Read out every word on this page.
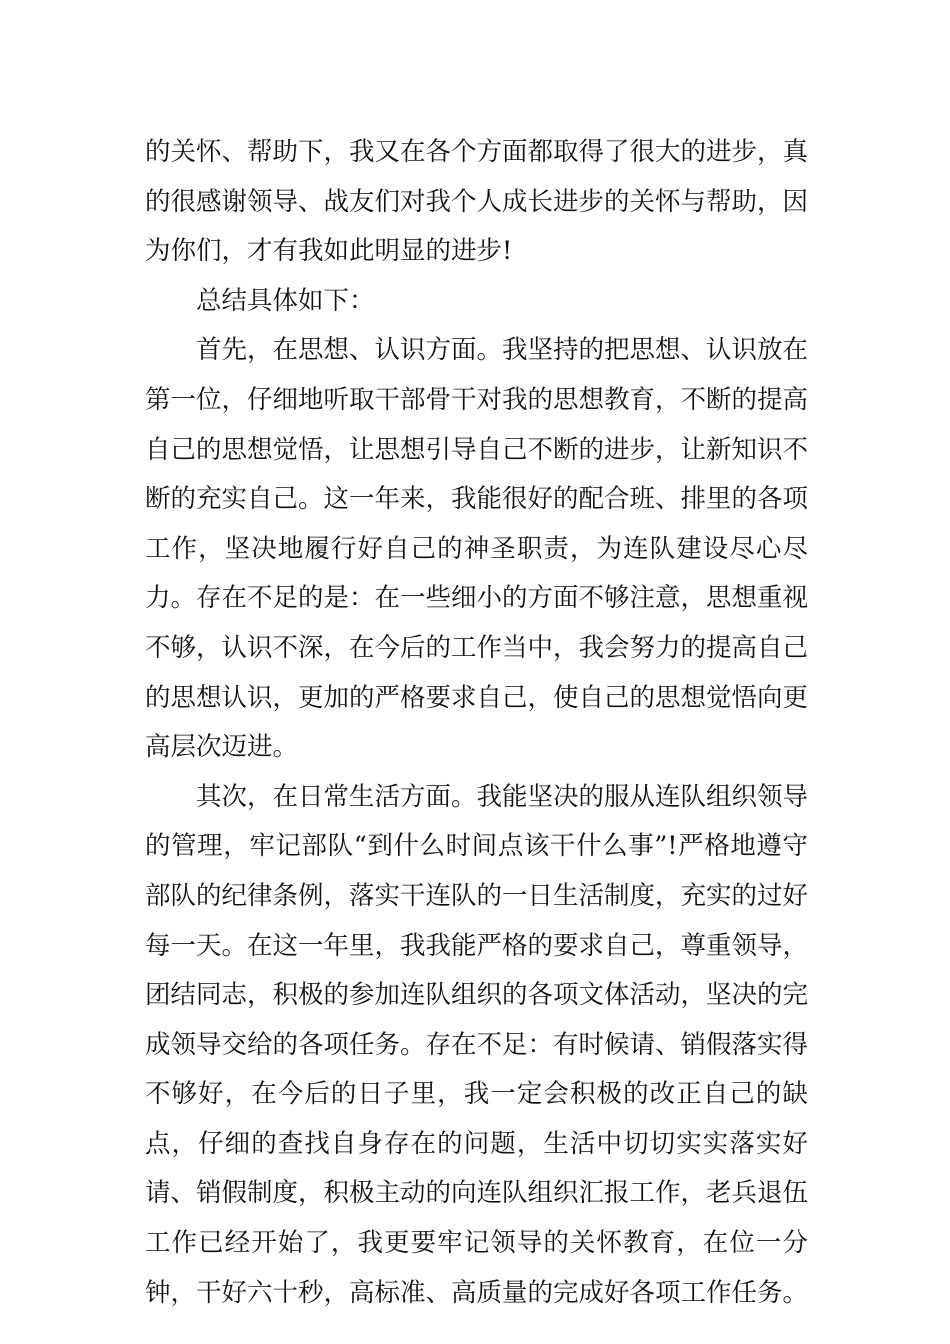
的关怀、帮助下，我又在各个方面都取得了很大的进步，真的很感谢领导、战友们对我个人成长进步的关怀与帮助，因为你们，才有我如此明显的进步!

总结具体如下：

首先，在思想、认识方面。我坚持的把思想、认识放在第一位，仔细地听取干部骨干对我的思想教育，不断的提高自己的思想觉悟，让思想引导自己不断的进步，让新知识不断的充实自己。这一年来，我能很好的配合班、排里的各项工作，坚决地履行好自己的神圣职责，为连队建设尽心尽力。存在不足的是：在一些细小的方面不够注意，思想重视不够，认识不深，在今后的工作当中，我会努力的提高自己的思想认识，更加的严格要求自己，使自己的思想觉悟向更高层次迈进。

其次，在日常生活方面。我能坚决的服从连队组织领导的管理，牢记部队“到什么时间点该干什么事”!严格地遵守部队的纪律条例，落实干连队的一日生活制度，充实的过好每一天。在这一年里，我我能严格的要求自己，尊重领导，团结同志，积极的参加连队组织的各项文体活动，坚决的完成领导交给的各项任务。存在不足：有时候请、销假落实得不够好，在今后的日子里，我一定会积极的改正自己的缺点，仔细的查找自身存在的问题，生活中切切实实落实好请、销假制度，积极主动的向连队组织汇报工作，老兵退伍工作已经开始了，我更要牢记领导的关怀教育，在位一分钟，干好六十秒，高标准、高质量的完成好各项工作任务。
